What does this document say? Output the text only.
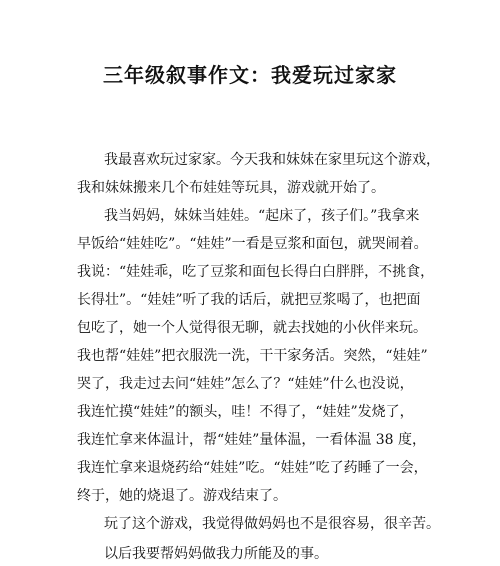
三年级叙事作文：我爱玩过家家
我最喜欢玩过家家。今天我和妹妹在家里玩这个游戏，
我和妹妹搬来几个布娃娃等玩具，游戏就开始了。
我当妈妈，妹妹当娃娃。“起床了，孩子们。”我拿来
早饭给“娃娃吃”。“娃娃”一看是豆浆和面包，就哭闹着。
我说：“娃娃乖，吃了豆浆和面包长得白白胖胖，不挑食，
长得壮”。“娃娃”听了我的话后，就把豆浆喝了，也把面
包吃了，她一个人觉得很无聊，就去找她的小伙伴来玩。
我也帮“娃娃”把衣服洗一洗，干干家务活。突然，“娃娃”
哭了，我走过去问“娃娃”怎么了？“娃娃”什么也没说，
我连忙摸“娃娃”的额头，哇！不得了，“娃娃”发烧了，
我连忙拿来体温计，帮“娃娃”量体温，一看体温 38 度，
我连忙拿来退烧药给“娃娃”吃。“娃娃”吃了药睡了一会，
终于，她的烧退了。游戏结束了。
玩了这个游戏，我觉得做妈妈也不是很容易，很辛苦。
以后我要帮妈妈做我力所能及的事。
